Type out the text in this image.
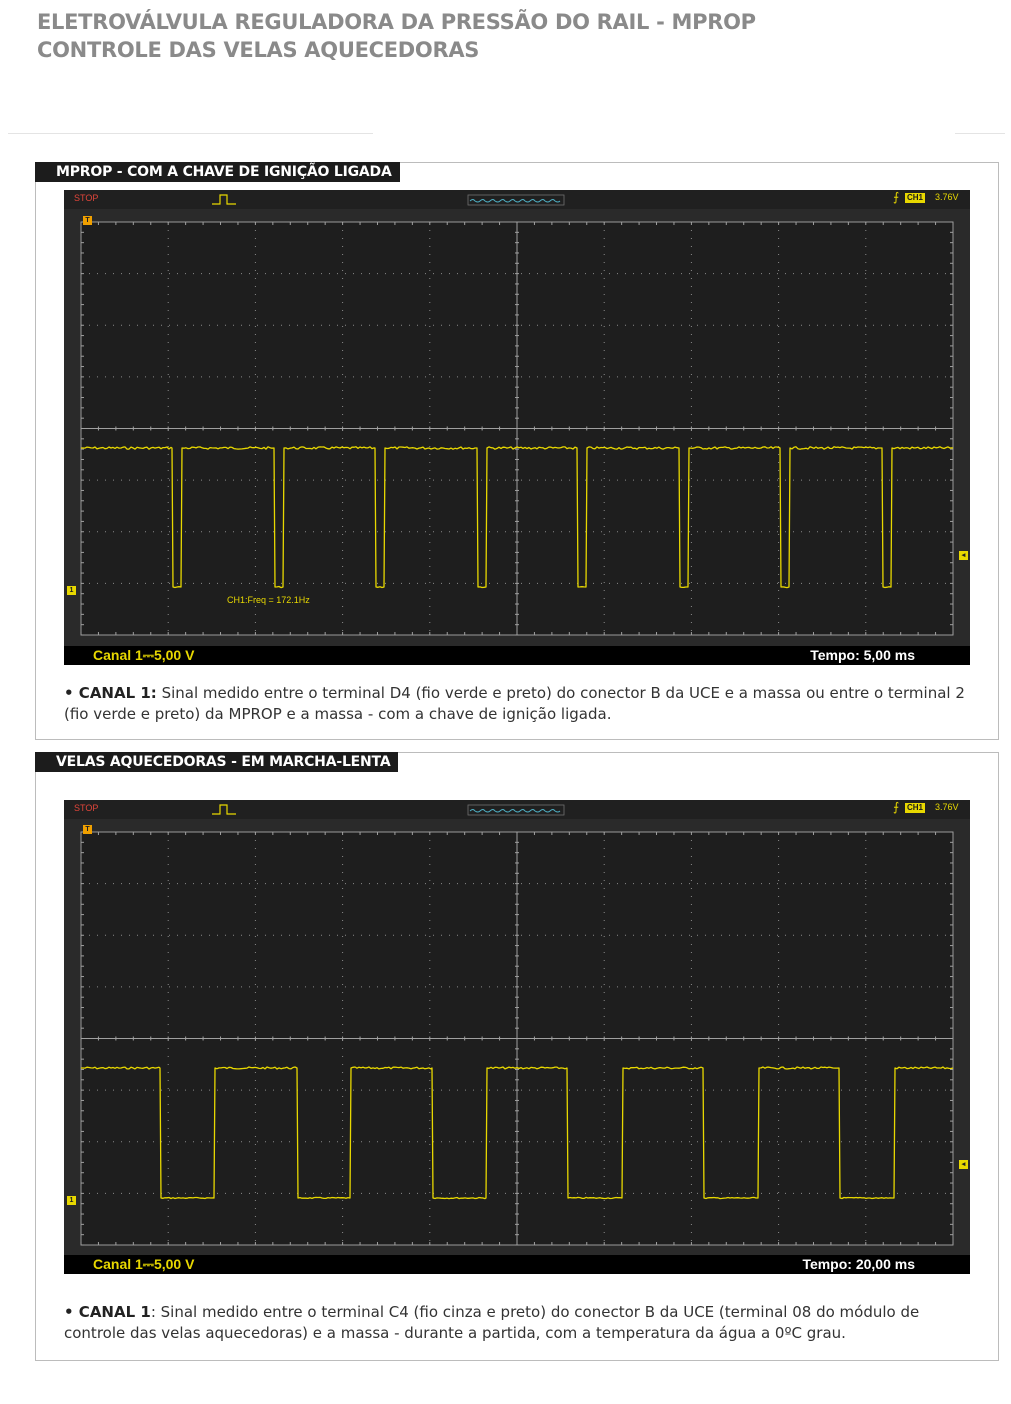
ELETROVÁLVULA REGULADORA DA PRESSÃO DO RAIL - MPROP
CONTROLE DAS VELAS AQUECEDORAS
MPROP - COM A CHAVE DE IGNIÇÃO LIGADA
STOP	⨍ CH1 3.76V
T
1
◂
CH1:Freq = 172.1Hz
Canal 1⎓5,00 V	Tempo: 5,00 ms

• CANAL 1: Sinal medido entre o terminal D4 (fio verde e preto) do conector B da UCE e a massa ou entre o terminal 2 (fio verde e preto) da MPROP e a massa - com a chave de ignição ligada.

VELAS AQUECEDORAS - EM MARCHA-LENTA
STOP	⨍ CH1 3.76V
T
1
◂
Canal 1⎓5,00 V	Tempo: 20,00 ms

• CANAL 1: Sinal medido entre o terminal C4 (fio cinza e preto) do conector B da UCE (terminal 08 do módulo de controle das velas aquecedoras) e a massa - durante a partida, com a temperatura da água a 0ºC grau.
